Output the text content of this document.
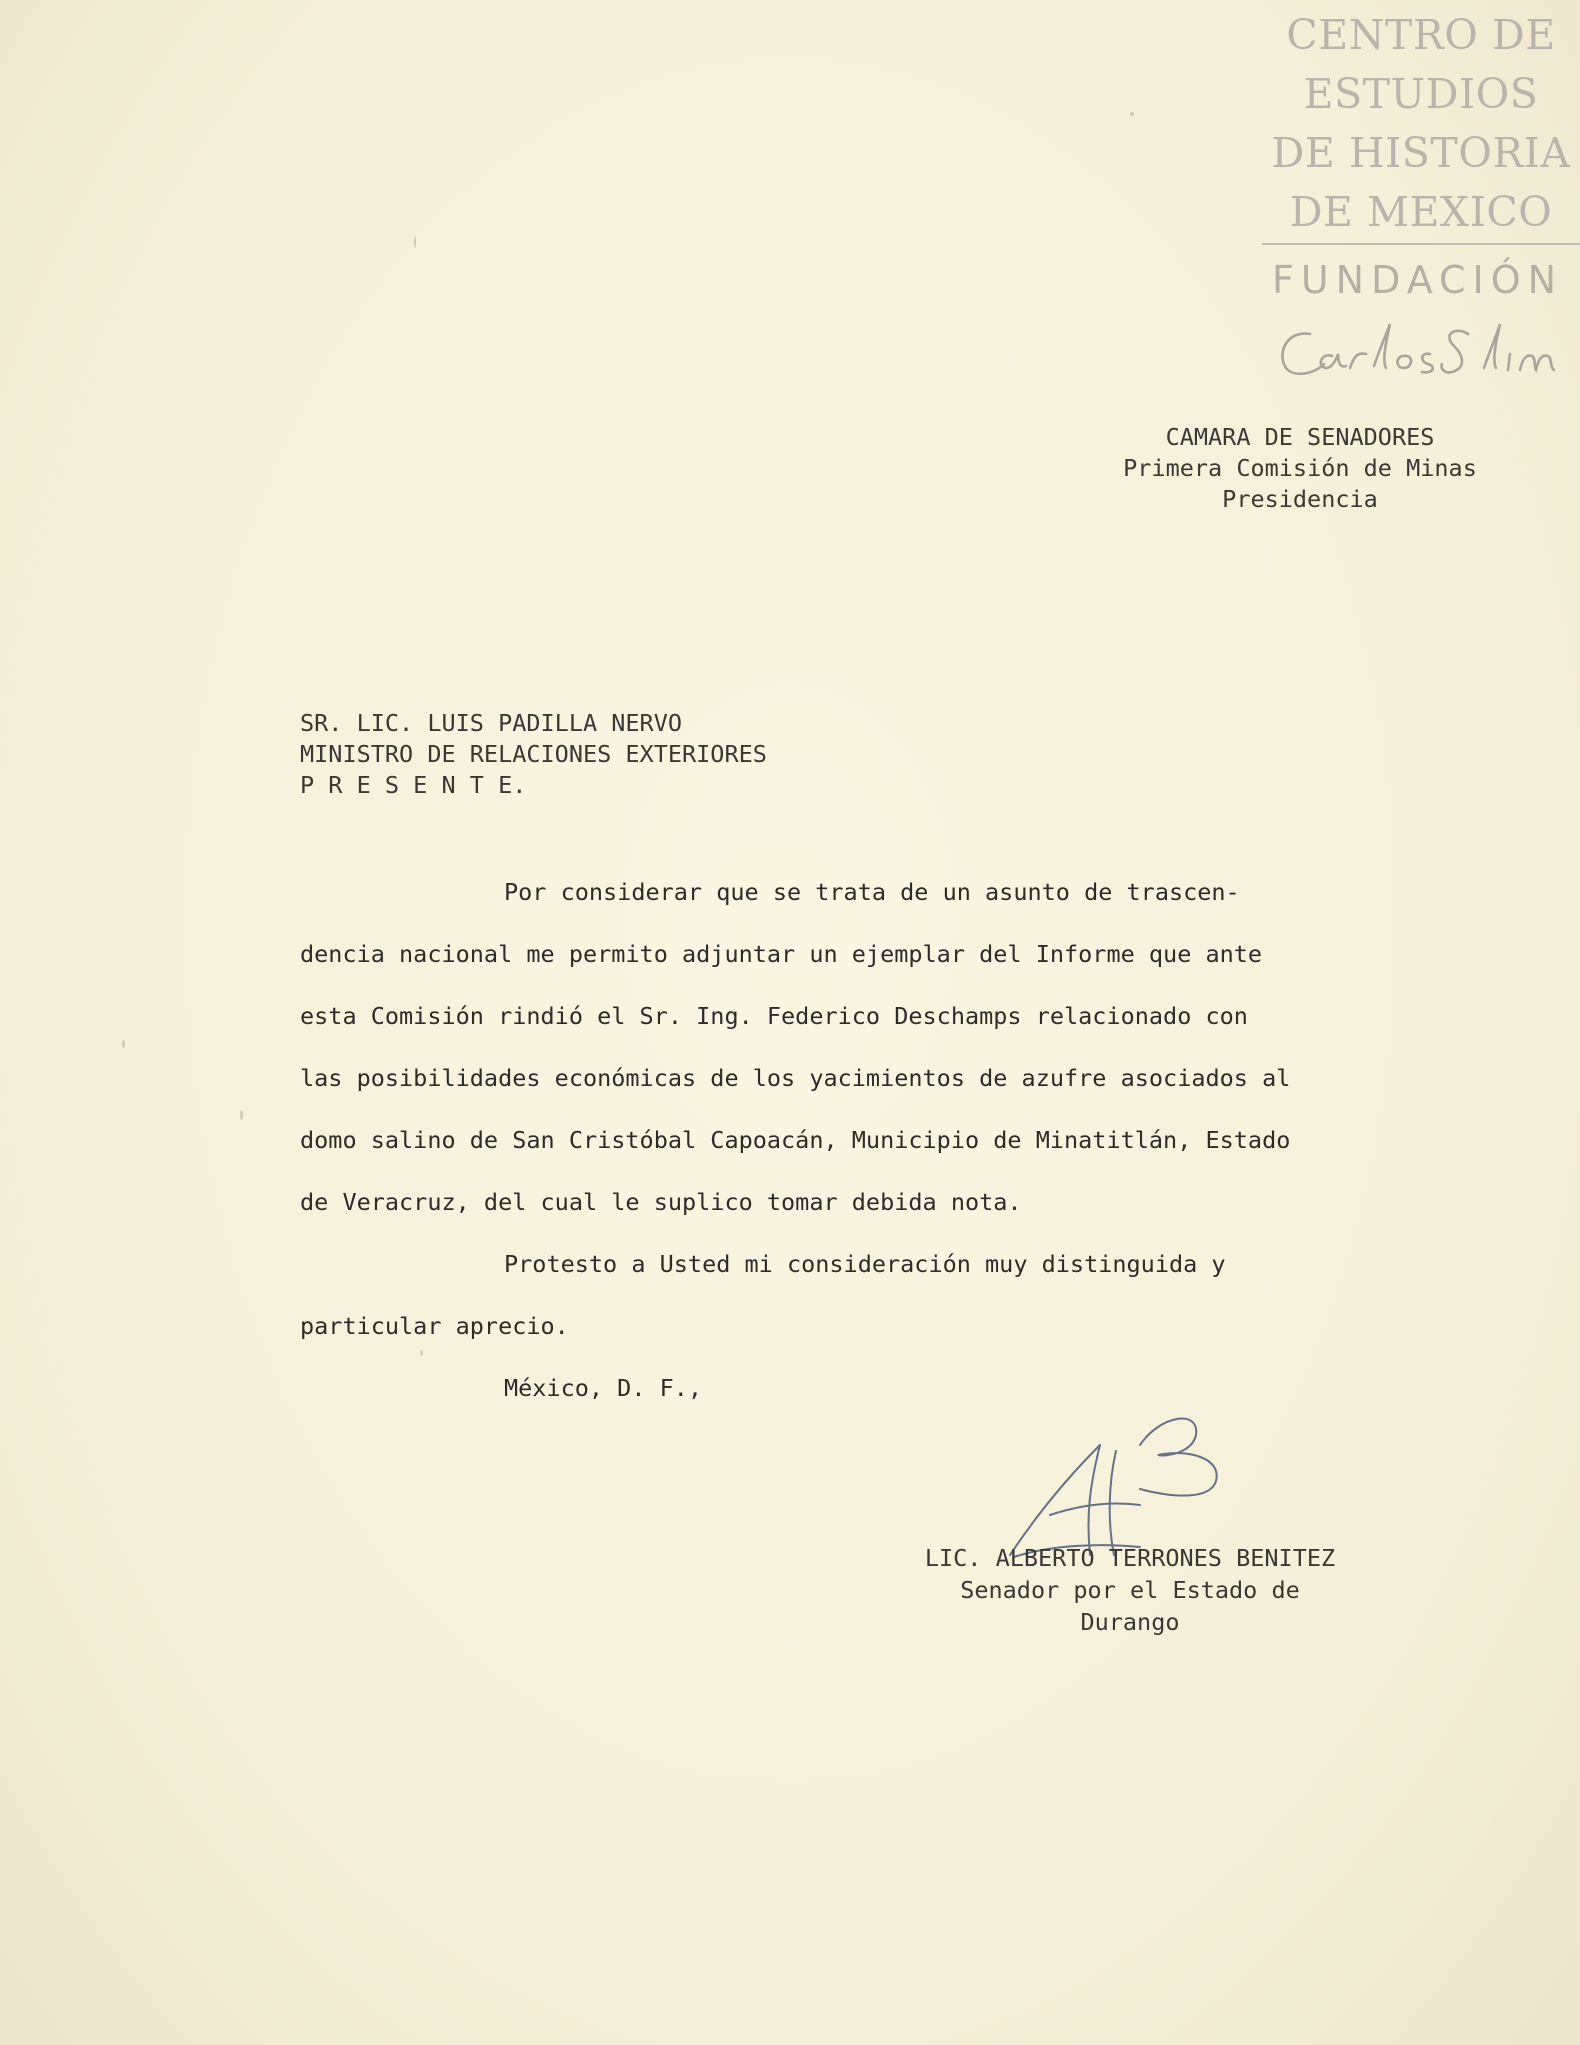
CENTRO DE
ESTUDIOS
DE HISTORIA
DE MEXICO
FUNDACIÓN
CAMARA DE SENADORES
Primera Comisión de Minas
Presidencia
SR. LIC. LUIS PADILLA NERVO
MINISTRO DE RELACIONES EXTERIORES
P R E S E N T E.
Por considerar que se trata de un asunto de trascen-
dencia nacional me permito adjuntar un ejemplar del Informe que ante
esta Comisión rindió el Sr. Ing. Federico Deschamps relacionado con
las posibilidades económicas de los yacimientos de azufre asociados al
domo salino de San Cristóbal Capoacán, Municipio de Minatitlán, Estado
de Veracruz, del cual le suplico tomar debida nota.
Protesto a Usted mi consideración muy distinguida y
particular aprecio.
México, D. F.,
LIC. ALBERTO TERRONES BENITEZ
Senador por el Estado de
Durango
